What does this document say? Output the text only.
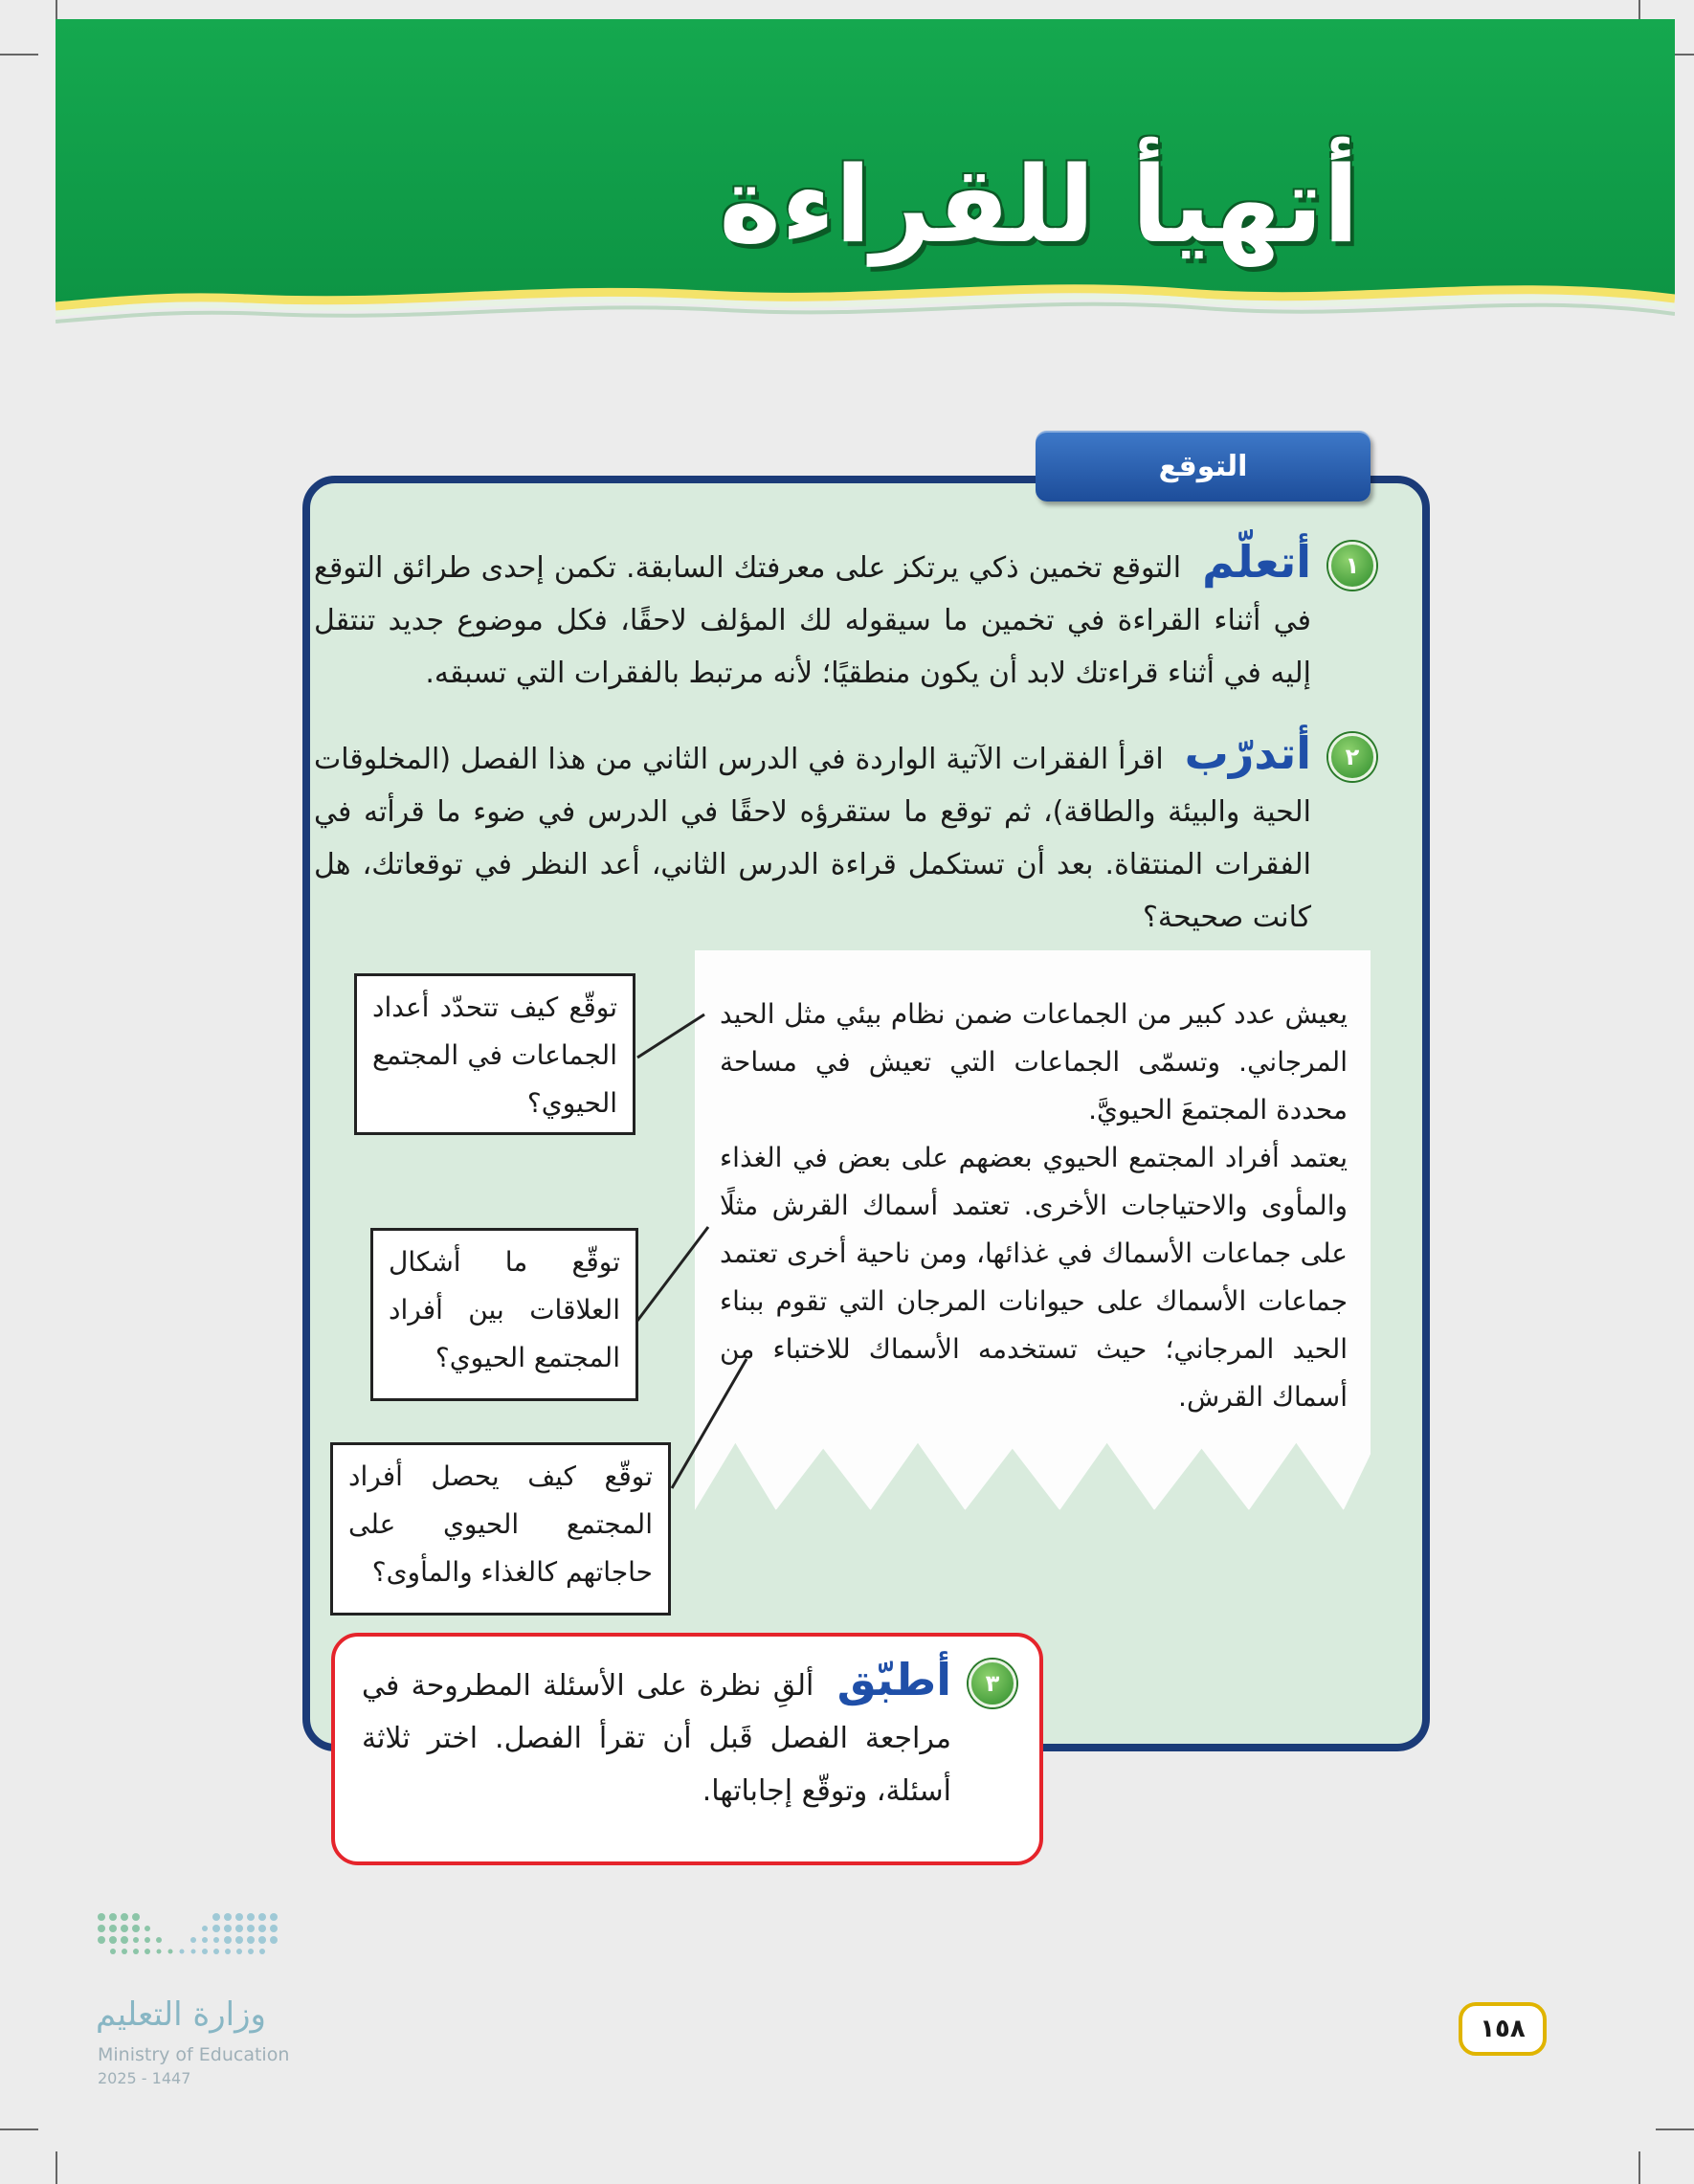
أتهيأ للقراءة
التوقع
١
أتعلّم التوقع تخمين ذكي يرتكز على معرفتك السابقة. تكمن إحدى طرائق التوقع في أثناء القراءة في تخمين ما سيقوله لك المؤلف لاحقًا، فكل موضوع جديد تنتقل إليه في أثناء قراءتك لابد أن يكون منطقيًا؛ لأنه مرتبط بالفقرات التي تسبقه.
٢
أتدرّب اقرأ الفقرات الآتية الواردة في الدرس الثاني من هذا الفصل (المخلوقات الحية والبيئة والطاقة)، ثم توقع ما ستقرؤه لاحقًا في الدرس في ضوء ما قرأته في الفقرات المنتقاة. بعد أن تستكمل قراءة الدرس الثاني، أعد النظر في توقعاتك، هل كانت صحيحة؟

يعيش عدد كبير من الجماعات ضمن نظام بيئي مثل الحيد المرجاني. وتسمّى الجماعات التي تعيش في مساحة محددة المجتمعَ الحيويَّ.

يعتمد أفراد المجتمع الحيوي بعضهم على بعض في الغذاء والمأوى والاحتياجات الأخرى. تعتمد أسماك القرش مثلًا على جماعات الأسماك في غذائها، ومن ناحية أخرى تعتمد جماعات الأسماك على حيوانات المرجان التي تقوم ببناء الحيد المرجاني؛ حيث تستخدمه الأسماك للاختباء من أسماك القرش.

توقّع كيف تتحدّد أعداد الجماعات في المجتمع الحيوي؟
توقّع ما أشكال العلاقات بين أفراد المجتمع الحيوي؟
توقّع كيف يحصل أفراد المجتمع الحيوي على حاجاتهم كالغذاء والمأوى؟
٣
أطبّق ألقِ نظرة على الأسئلة المطروحة في مراجعة الفصل قَبل أن تقرأ الفصل. اختر ثلاثة أسئلة، وتوقّع إجاباتها.
وزارة التعليم
Ministry of Education
2025 - 1447
١٥٨
